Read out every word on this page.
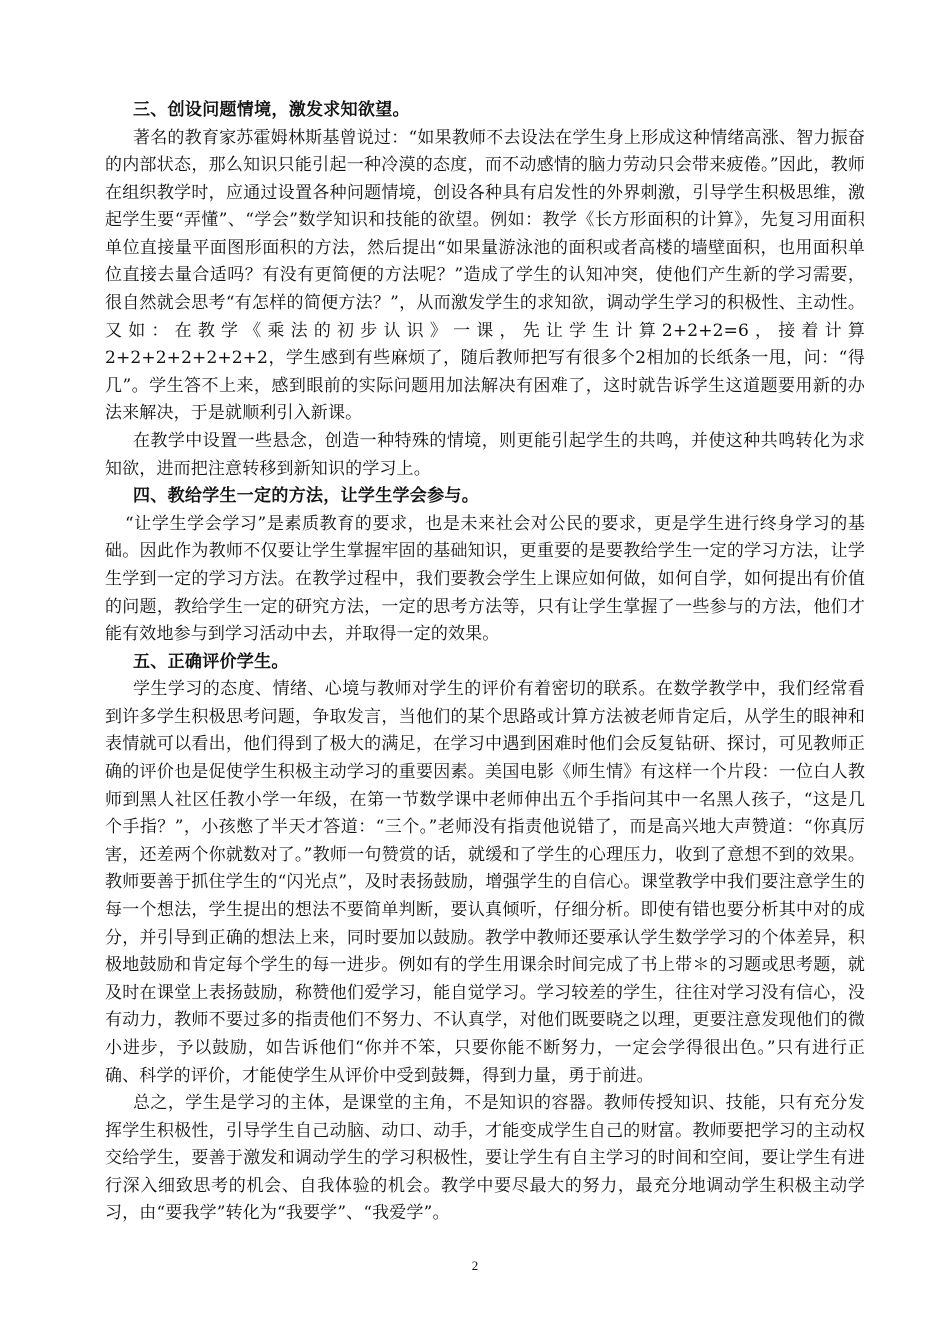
三、创设问题情境，激发求知欲望。

著名的教育家苏霍姆林斯基曾说过：“如果教师不去设法在学生身上形成这种情绪高涨、智力振奋的内部状态，那么知识只能引起一种冷漠的态度，而不动感情的脑力劳动只会带来疲倦。”因此，教师在组织教学时，应通过设置各种问题情境，创设各种具有启发性的外界刺激，引导学生积极思维，激起学生要“弄懂”、“学会”数学知识和技能的欲望。例如：教学《长方形面积的计算》，先复习用面积单位直接量平面图形面积的方法，然后提出“如果量游泳池的面积或者高楼的墙壁面积，也用面积单位直接去量合适吗？有没有更简便的方法呢？”造成了学生的认知冲突，使他们产生新的学习需要，很自然就会思考“有怎样的简便方法？”，从而激发学生的求知欲，调动学生学习的积极性、主动性。又如：在教学《乘法的初步认识》一课，先让学生计算2+2+2=6，接着计算2+2+2+2+2+2+2，学生感到有些麻烦了，随后教师把写有很多个2相加的长纸条一甩，问：“得几”。学生答不上来，感到眼前的实际问题用加法解决有困难了，这时就告诉学生这道题要用新的办法来解决，于是就顺利引入新课。

在教学中设置一些悬念，创造一种特殊的情境，则更能引起学生的共鸣，并使这种共鸣转化为求知欲，进而把注意转移到新知识的学习上。

四、教给学生一定的方法，让学生学会参与。

“让学生学会学习”是素质教育的要求，也是未来社会对公民的要求，更是学生进行终身学习的基础。因此作为教师不仅要让学生掌握牢固的基础知识，更重要的是要教给学生一定的学习方法，让学生学到一定的学习方法。在教学过程中，我们要教会学生上课应如何做，如何自学，如何提出有价值的问题，教给学生一定的研究方法，一定的思考方法等，只有让学生掌握了一些参与的方法，他们才能有效地参与到学习活动中去，并取得一定的效果。

五、正确评价学生。

学生学习的态度、情绪、心境与教师对学生的评价有着密切的联系。在数学教学中，我们经常看到许多学生积极思考问题，争取发言，当他们的某个思路或计算方法被老师肯定后，从学生的眼神和表情就可以看出，他们得到了极大的满足，在学习中遇到困难时他们会反复钻研、探讨，可见教师正确的评价也是促使学生积极主动学习的重要因素。美国电影《师生情》有这样一个片段：一位白人教师到黑人社区任教小学一年级，在第一节数学课中老师伸出五个手指问其中一名黑人孩子，“这是几个手指？”，小孩憋了半天才答道：“三个。”老师没有指责他说错了，而是高兴地大声赞道：“你真厉害，还差两个你就数对了。”教师一句赞赏的话，就缓和了学生的心理压力，收到了意想不到的效果。教师要善于抓住学生的“闪光点”，及时表扬鼓励，增强学生的自信心。课堂教学中我们要注意学生的每一个想法，学生提出的想法不要简单判断，要认真倾听，仔细分析。即使有错也要分析其中对的成分，并引导到正确的想法上来，同时要加以鼓励。教学中教师还要承认学生数学学习的个体差异，积极地鼓励和肯定每个学生的每一进步。例如有的学生用课余时间完成了书上带＊的习题或思考题，就及时在课堂上表扬鼓励，称赞他们爱学习，能自觉学习。学习较差的学生，往往对学习没有信心，没有动力，教师不要过多的指责他们不努力、不认真学，对他们既要晓之以理，更要注意发现他们的微小进步，予以鼓励，如告诉他们“你并不笨，只要你能不断努力，一定会学得很出色。”只有进行正确、科学的评价，才能使学生从评价中受到鼓舞，得到力量，勇于前进。

总之，学生是学习的主体，是课堂的主角，不是知识的容器。教师传授知识、技能，只有充分发挥学生积极性，引导学生自己动脑、动口、动手，才能变成学生自己的财富。教师要把学习的主动权交给学生，要善于激发和调动学生的学习积极性，要让学生有自主学习的时间和空间，要让学生有进行深入细致思考的机会、自我体验的机会。教学中要尽最大的努力，最充分地调动学生积极主动学习，由“要我学”转化为“我要学”、“我爱学”。

2
